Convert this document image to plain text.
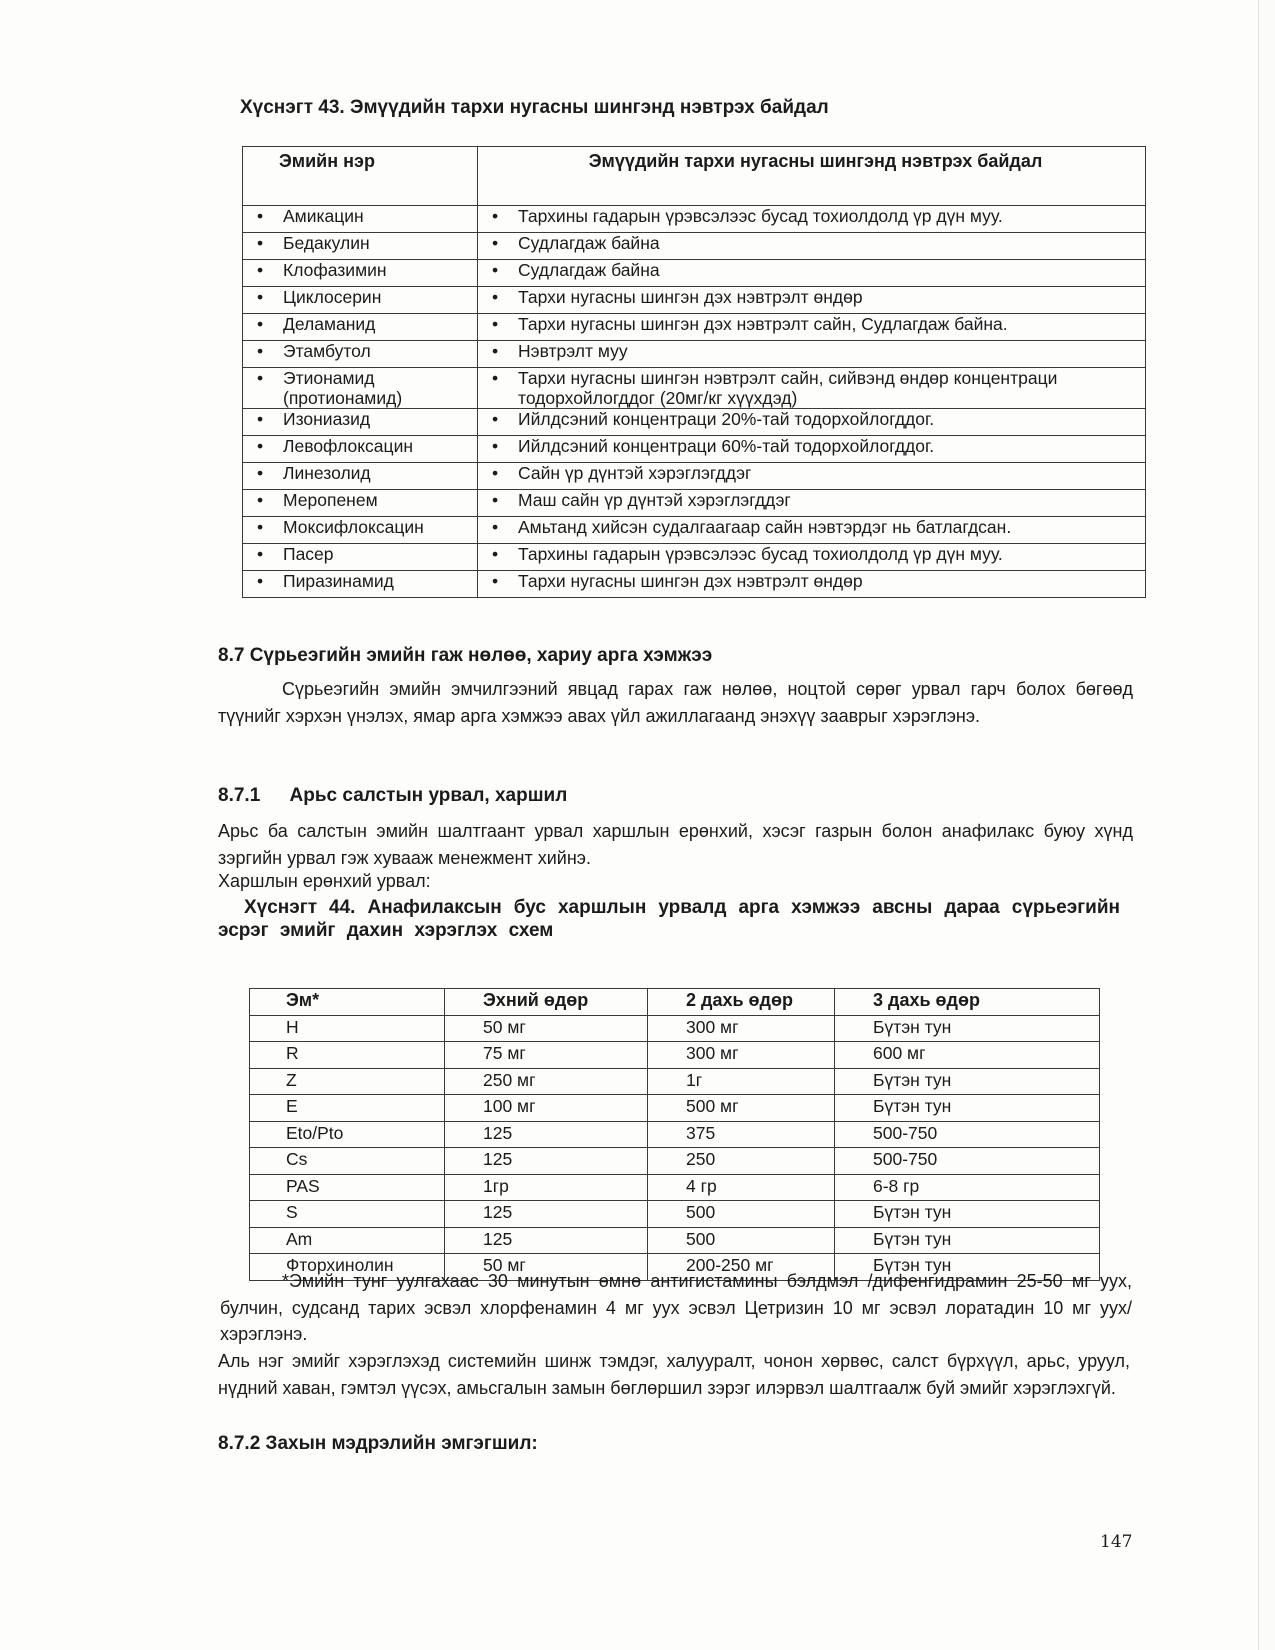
Хүснэгт 43. Эмүүдийн тархи нугасны шингэнд нэвтрэх байдал
Эмийн нэр	Эмүүдийн тархи нугасны шингэнд нэвтрэх байдал

• Амикацин	• Тархины гадарын үрэвсэлээс бусад тохиолдолд үр дүн муу.

• Бедакулин	• Судлагдаж байна

• Клофазимин	• Судлагдаж байна

• Циклосерин	• Тархи нугасны шингэн дэх нэвтрэлт өндөр

• Деламанид	• Тархи нугасны шингэн дэх нэвтрэлт сайн, Судлагдаж байна.

• Этамбутол	• Нэвтрэлт муу

• Этионамид (протионамид)	• Тархи нугасны шингэн нэвтрэлт сайн, сийвэнд өндөр концентраци тодорхойлогддог (20мг/кг хүүхдэд)

• Изониазид	• Ийлдсэний концентраци 20%-тай тодорхойлогддог.

• Левофлоксацин	• Ийлдсэний концентраци 60%-тай тодорхойлогддог.

• Линезолид	• Сайн үр дүнтэй хэрэглэгддэг

• Меропенем	• Маш сайн үр дүнтэй хэрэглэгддэг

• Моксифлоксацин	• Амьтанд хийсэн судалгаагаар сайн нэвтэрдэг нь батлагдсан.

• Пасер	• Тархины гадарын үрэвсэлээс бусад тохиолдолд үр дүн муу.

• Пиразинамид	• Тархи нугасны шингэн дэх нэвтрэлт өндөр
8.7 Сүрьеэгийн эмийн гаж нөлөө, хариу арга хэмжээ
Сүрьеэгийн эмийн эмчилгээний явцад гарах гаж нөлөө, ноцтой сөрөг урвал гарч болох бөгөөд түүнийг хэрхэн үнэлэх, ямар арга хэмжээ авах үйл ажиллагаанд энэхүү зааврыг хэрэглэнэ.
8.7.1 Арьс салстын урвал, харшил
Арьс ба салстын эмийн шалтгаант урвал харшлын ерөнхий, хэсэг газрын болон анафилакс буюу хүнд зэргийн урвал гэж хувааж менежмент хийнэ.
Харшлын ерөнхий урвал:
Хүснэгт 44. Анафилаксын бус харшлын урвалд арга хэмжээ авсны дараа сүрьеэгийн эсрэг эмийг дахин хэрэглэх схем
Эм*	Эхний өдөр	2 дахь өдөр	3 дахь өдөр
H	50 мг	300 мг	Бүтэн тун
R	75 мг	300 мг	600 мг
Z	250 мг	1г	Бүтэн тун
E	100 мг	500 мг	Бүтэн тун
Eto/Pto	125	375	500-750
Cs	125	250	500-750
PAS	1гр	4 гр	6-8 гр
S	125	500	Бүтэн тун
Am	125	500	Бүтэн тун
Фторхинолин	50 мг	200-250 мг	Бүтэн тун
*Эмийн тунг уулгахаас 30 минутын өмнө антигистамины бэлдмэл /дифенгидрамин 25-50 мг уух, булчин, судсанд тарих эсвэл хлорфенамин 4 мг уух эсвэл Цетризин 10 мг эсвэл лоратадин 10 мг уух/ хэрэглэнэ.
Аль нэг эмийг хэрэглэхэд системийн шинж тэмдэг, халууралт, чонон хөрвөс, салст бүрхүүл, арьс, уруул, нүдний хаван, гэмтэл үүсэх, амьсгалын замын бөглөршил зэрэг илэрвэл шалтгаалж буй эмийг хэрэглэхгүй.
8.7.2 Захын мэдрэлийн эмгэгшил:
147
